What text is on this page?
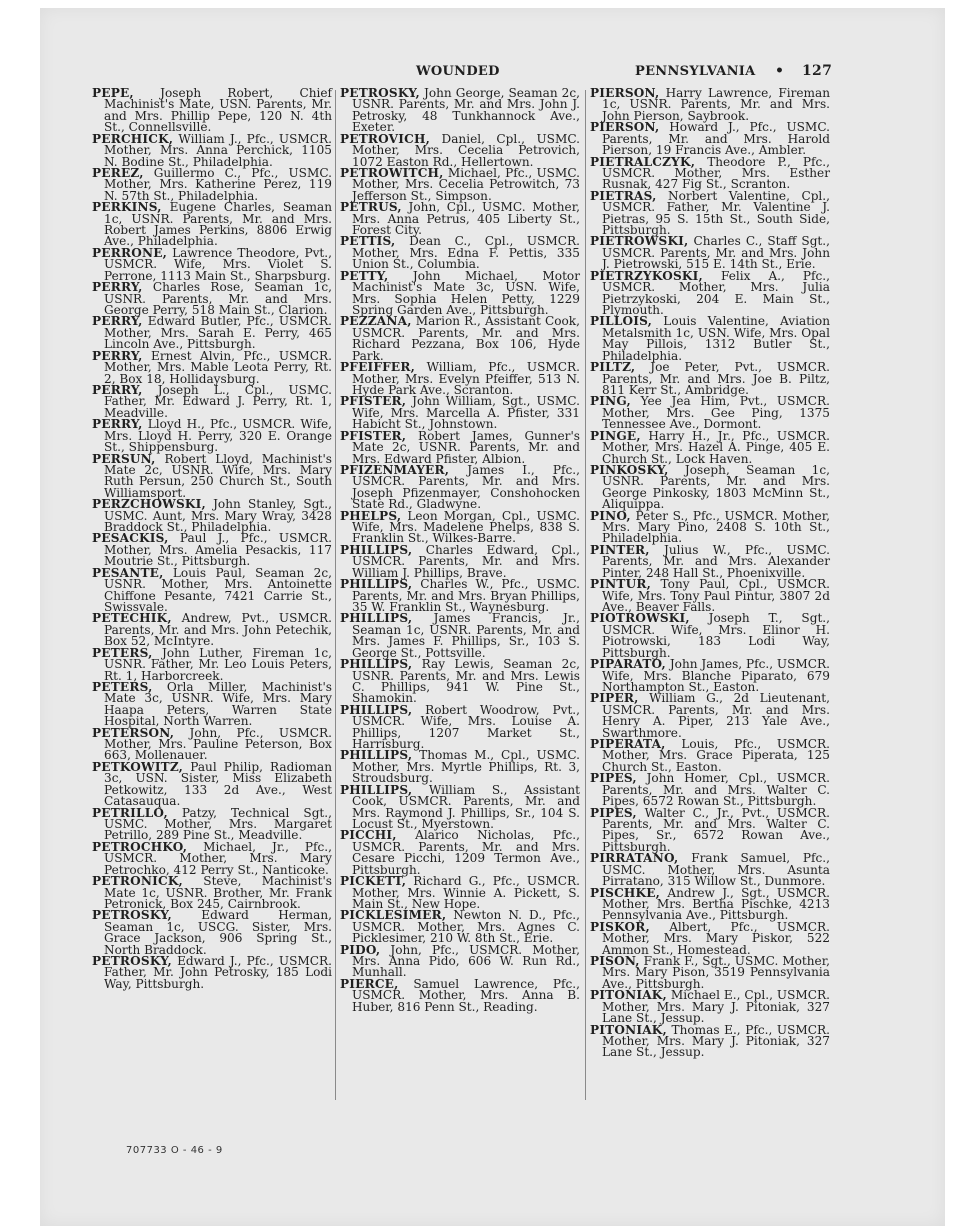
WOUNDED	PENNSYLVANIA • 127

PEPE, Joseph Robert, Chief Machinist's Mate, USN. Parents, Mr. and Mrs. Phillip Pepe, 120 N. 4th St., Connellsville.

PERCHICK, William J., Pfc., USMCR. Mother, Mrs. Anna Perchick, 1105 N. Bodine St., Philadelphia.

PEREZ, Guillermo C., Pfc., USMC. Mother, Mrs. Katherine Perez, 119 N. 57th St., Philadelphia.

PERKINS, Eugene Charles, Seaman 1c, USNR. Parents, Mr. and Mrs. Robert James Perkins, 8806 Erwig Ave., Philadelphia.

PERRONE, Lawrence Theodore, Pvt., USMCR. Wife, Mrs. Violet S. Perrone, 1113 Main St., Sharpsburg.

PERRY, Charles Rose, Seaman 1c, USNR. Parents, Mr. and Mrs. George Perry, 518 Main St., Clarion.

PERRY, Edward Butler, Pfc., USMCR. Mother, Mrs. Sarah E. Perry, 465 Lincoln Ave., Pittsburgh.

PERRY, Ernest Alvin, Pfc., USMCR. Mother, Mrs. Mable Leota Perry, Rt. 2, Box 18, Hollidaysburg.

PERRY, Joseph L., Cpl., USMC. Father, Mr. Edward J. Perry, Rt. 1, Meadville.

PERRY, Lloyd H., Pfc., USMCR. Wife, Mrs. Lloyd H. Perry, 320 E. Orange St., Shippensburg.

PERSUN, Robert Lloyd, Machinist's Mate 2c, USNR. Wife, Mrs. Mary Ruth Persun, 250 Church St., South Williamsport.

PERZCHOWSKI, John Stanley, Sgt., USMC. Aunt, Mrs. Mary Wray, 3428 Braddock St., Philadelphia.

PESACKIS, Paul J., Pfc., USMCR. Mother, Mrs. Amelia Pesackis, 117 Moutrie St., Pittsburgh.

PESANTE, Louis Paul, Seaman 2c, USNR. Mother, Mrs. Antoinette Chiffone Pesante, 7421 Carrie St., Swissvale.

PETECHIK, Andrew, Pvt., USMCR. Parents, Mr. and Mrs. John Petechik, Box 52, McIntyre.

PETERS, John Luther, Fireman 1c, USNR. Father, Mr. Leo Louis Peters, Rt. 1, Harborcreek.

PETERS, Orla Miller, Machinist's Mate 3c, USNR. Wife, Mrs. Mary Haapa Peters, Warren State Hospital, North Warren.

PETERSON, John, Pfc., USMCR. Mother, Mrs. Pauline Peterson, Box 663, Mollenauer.

PETKOWITZ, Paul Philip, Radioman 3c, USN. Sister, Miss Elizabeth Petkowitz, 133 2d Ave., West Catasauqua.

PETRILLO, Patzy, Technical Sgt., USMC. Mother, Mrs. Margaret Petrillo, 289 Pine St., Meadville.

PETROCHKO, Michael, Jr., Pfc., USMCR. Mother, Mrs. Mary Petrochko, 412 Perry St., Nanticoke.

PETRONICK, Steve, Machinist's Mate 1c, USNR. Brother, Mr. Frank Petronick, Box 245, Cairnbrook.

PETROSKY, Edward Herman, Seaman 1c, USCG. Sister, Mrs. Grace Jackson, 906 Spring St., North Braddock.

PETROSKY, Edward J., Pfc., USMCR. Father, Mr. John Petrosky, 185 Lodi Way, Pittsburgh.

PETROSKY, John George, Seaman 2c, USNR. Parents, Mr. and Mrs. John J. Petrosky, 48 Tunkhannock Ave., Exeter.

PETROVICH, Daniel, Cpl., USMC. Mother, Mrs. Cecelia Petrovich, 1072 Easton Rd., Hellertown.

PETROWITCH, Michael, Pfc., USMC. Mother, Mrs. Cecelia Petrowitch, 73 Jefferson St., Simpson.

PETRUS, John, Cpl., USMC. Mother, Mrs. Anna Petrus, 405 Liberty St., Forest City.

PETTIS, Dean C., Cpl., USMCR. Mother, Mrs. Edna F. Pettis, 335 Union St., Columbia.

PETTY, John Michael, Motor Machinist's Mate 3c, USN. Wife, Mrs. Sophia Helen Petty, 1229 Spring Garden Ave., Pittsburgh.

PEZZANA, Marion R., Assistant Cook, USMCR. Parents, Mr. and Mrs. Richard Pezzana, Box 106, Hyde Park.

PFEIFFER, William, Pfc., USMCR. Mother, Mrs. Evelyn Pfeiffer, 513 N. Hyde Park Ave., Scranton.

PFISTER, John William, Sgt., USMC. Wife, Mrs. Marcella A. Pfister, 331 Habicht St., Johnstown.

PFISTER, Robert James, Gunner's Mate 2c, USNR. Parents, Mr. and Mrs. Edward Pfister, Albion.

PFIZENMAYER, James I., Pfc., USMCR. Parents, Mr. and Mrs. Joseph Pfizenmayer, Conshohocken State Rd., Gladwyne.

PHELPS, Leon Morgan, Cpl., USMC. Wife, Mrs. Madelene Phelps, 838 S. Franklin St., Wilkes-Barre.

PHILLIPS, Charles Edward, Cpl., USMCR. Parents, Mr. and Mrs. William J. Phillips, Brave.

PHILLIPS, Charles W., Pfc., USMC. Parents, Mr. and Mrs. Bryan Phillips, 35 W. Franklin St., Waynesburg.

PHILLIPS, James Francis, Jr., Seaman 1c, USNR. Parents, Mr. and Mrs. James F. Phillips, Sr., 103 S. George St., Pottsville.

PHILLIPS, Ray Lewis, Seaman 2c, USNR. Parents, Mr. and Mrs. Lewis C. Phillips, 941 W. Pine St., Shamokin.

PHILLIPS, Robert Woodrow, Pvt., USMCR. Wife, Mrs. Louise A. Phillips, 1207 Market St., Harrisburg.

PHILLIPS, Thomas M., Cpl., USMC. Mother, Mrs. Myrtle Phillips, Rt. 3, Stroudsburg.

PHILLIPS, William S., Assistant Cook, USMCR. Parents, Mr. and Mrs. Raymond J. Phillips, Sr., 104 S. Locust St., Myerstown.

PICCHI, Alarico Nicholas, Pfc., USMCR. Parents, Mr. and Mrs. Cesare Picchi, 1209 Termon Ave., Pittsburgh.

PICKETT, Richard G., Pfc., USMCR. Mother, Mrs. Winnie A. Pickett, S. Main St., New Hope.

PICKLESIMER, Newton N. D., Pfc., USMCR. Mother, Mrs. Agnes C. Picklesimer, 210 W. 8th St., Erie.

PIDO, John, Pfc., USMCR. Mother, Mrs. Anna Pido, 606 W. Run Rd., Munhall.

PIERCE, Samuel Lawrence, Pfc., USMCR. Mother, Mrs. Anna B. Huber, 816 Penn St., Reading.

PIERSON, Harry Lawrence, Fireman 1c, USNR. Parents, Mr. and Mrs. John Pierson, Saybrook.

PIERSON, Howard J., Pfc., USMC. Parents, Mr. and Mrs. Harold Pierson, 19 Francis Ave., Ambler.

PIETRALCZYK, Theodore P., Pfc., USMCR. Mother, Mrs. Esther Rusnak, 427 Fig St., Scranton.

PIETRAS, Norbert Valentine, Cpl., USMCR. Father, Mr. Valentine J. Pietras, 95 S. 15th St., South Side, Pittsburgh.

PIETROWSKI, Charles C., Staff Sgt., USMCR. Parents, Mr. and Mrs. John J. Pietrowski, 515 E. 14th St., Erie.

PIETRZYKOSKI, Felix A., Pfc., USMCR. Mother, Mrs. Julia Pietrzykoski, 204 E. Main St., Plymouth.

PILLOIS, Louis Valentine, Aviation Metalsmith 1c, USN. Wife, Mrs. Opal May Pillois, 1312 Butler St., Philadelphia.

PILTZ, Joe Peter, Pvt., USMCR. Parents, Mr. and Mrs. Joe B. Piltz, 811 Kerr St., Ambridge.

PING, Yee Jea Him, Pvt., USMCR. Mother, Mrs. Gee Ping, 1375 Tennessee Ave., Dormont.

PINGE, Harry H., Jr., Pfc., USMCR. Mother, Mrs. Hazel A. Pinge, 405 E. Church St., Lock Haven.

PINKOSKY, Joseph, Seaman 1c, USNR. Parents, Mr. and Mrs. George Pinkosky, 1803 McMinn St., Aliquippa.

PINO, Peter S., Pfc., USMCR. Mother, Mrs. Mary Pino, 2408 S. 10th St., Philadelphia.

PINTER, Julius W., Pfc., USMC. Parents, Mr. and Mrs. Alexander Pinter, 248 Hall St., Phoenixville.

PINTUR, Tony Paul, Cpl., USMCR. Wife, Mrs. Tony Paul Pintur, 3807 2d Ave., Beaver Falls.

PIOTROWSKI, Joseph T., Sgt., USMCR. Wife, Mrs. Elinor H. Piotrowski, 183 Lodi Way, Pittsburgh.

PIPARATO, John James, Pfc., USMCR. Wife, Mrs. Blanche Piparato, 679 Northampton St., Easton.

PIPER, William G., 2d Lieutenant, USMCR. Parents, Mr. and Mrs. Henry A. Piper, 213 Yale Ave., Swarthmore.

PIPERATA, Louis, Pfc., USMCR. Mother, Mrs. Grace Piperata, 125 Church St., Easton.

PIPES, John Homer, Cpl., USMCR. Parents, Mr. and Mrs. Walter C. Pipes, 6572 Rowan St., Pittsburgh.

PIPES, Walter C., Jr., Pvt., USMCR. Parents, Mr. and Mrs. Walter C. Pipes, Sr., 6572 Rowan Ave., Pittsburgh.

PIRRATANO, Frank Samuel, Pfc., USMC. Mother, Mrs. Asunta Pirratano, 315 Willow St., Dunmore.

PISCHKE, Andrew J., Sgt., USMCR. Mother, Mrs. Bertha Pischke, 4213 Pennsylvania Ave., Pittsburgh.

PISKOR, Albert, Pfc., USMCR. Mother, Mrs. Mary Piskor, 522 Ammon St., Homestead.

PISON, Frank F., Sgt., USMC. Mother, Mrs. Mary Pison, 3519 Pennsylvania Ave., Pittsburgh.

PITONIAK, Michael E., Cpl., USMCR. Mother, Mrs. Mary J. Pitoniak, 327 Lane St., Jessup.

PITONIAK, Thomas E., Pfc., USMCR. Mother, Mrs. Mary J. Pitoniak, 327 Lane St., Jessup.

707733 O - 46 - 9
